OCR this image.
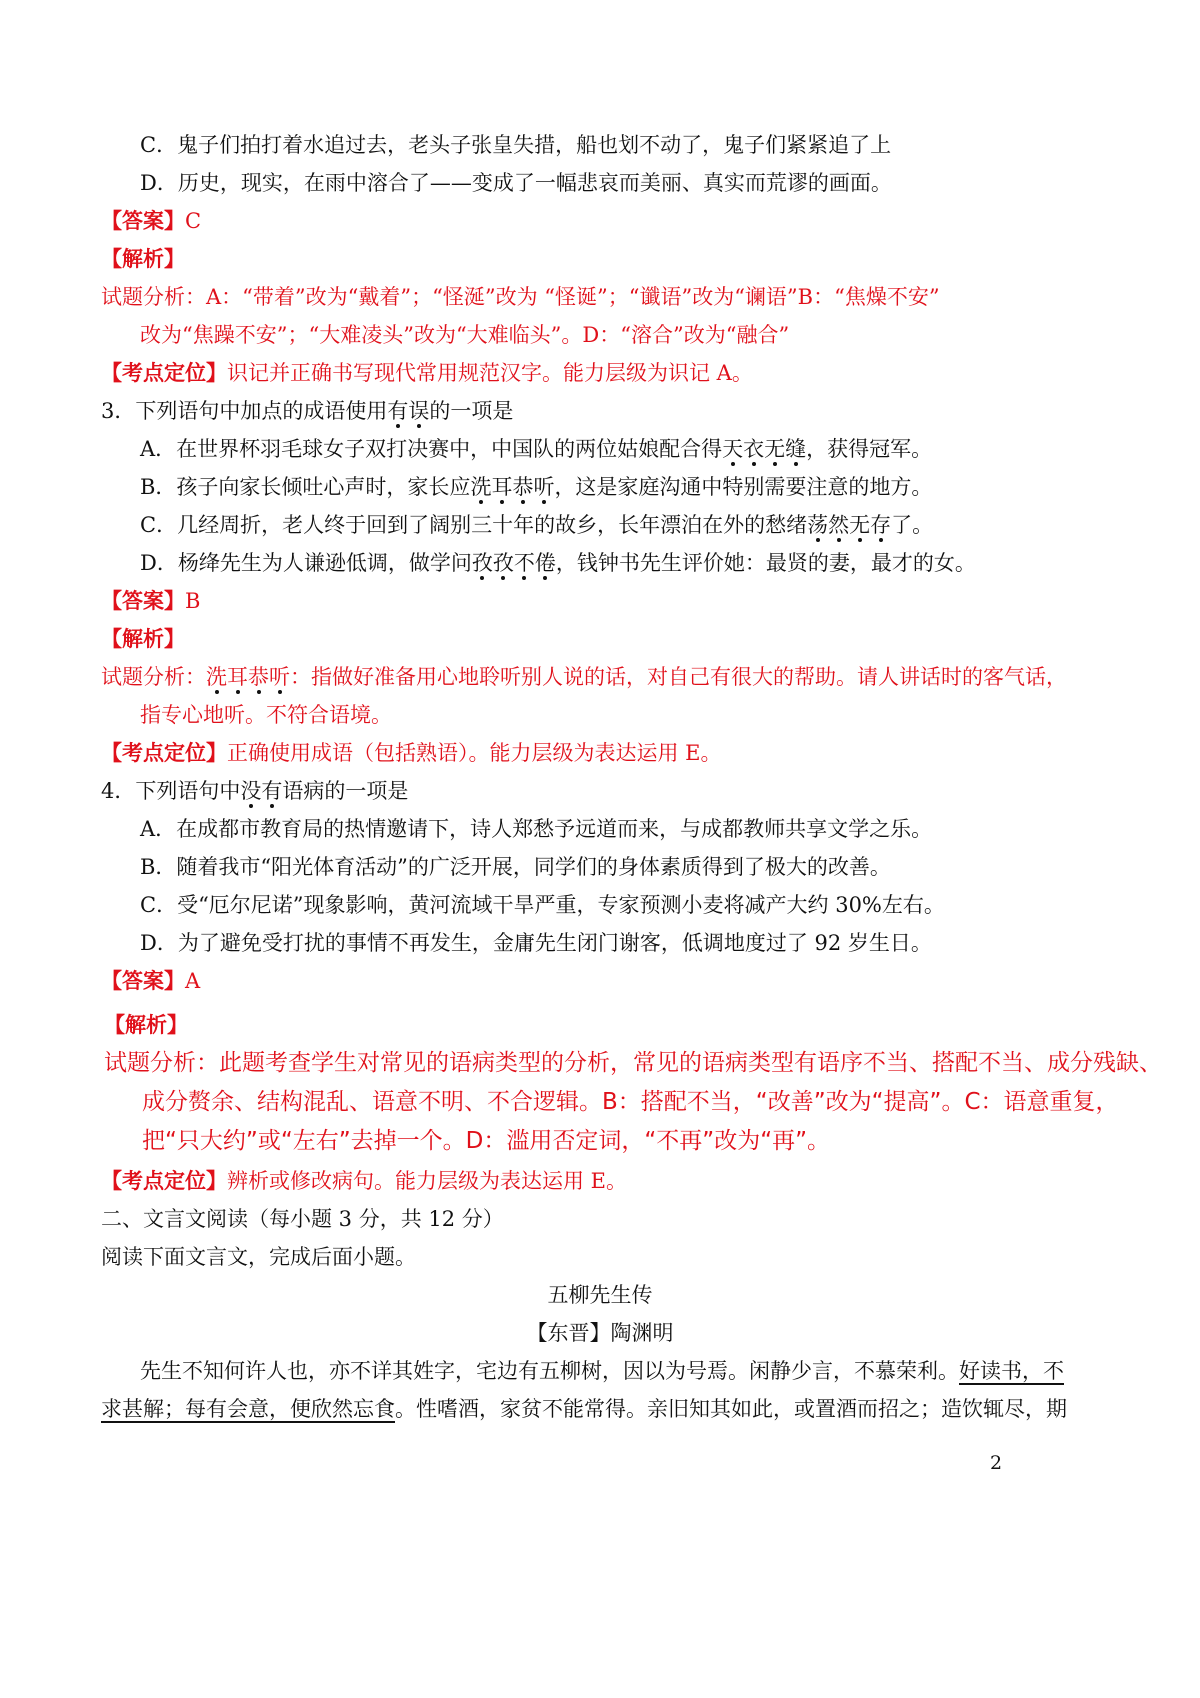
C．鬼子们拍打着水追过去，老头子张皇失措，船也划不动了，鬼子们紧紧追了上
D．历史，现实，在雨中溶合了——变成了一幅悲哀而美丽、真实而荒谬的画面。
【答案】C
【解析】
试题分析：A：“带着”改为“戴着”；“怪涎”改为 “怪诞”；“谶语”改为“谰语”B：“焦燥不安”
改为“焦躁不安”；“大难凌头”改为“大难临头”。D：“溶合”改为“融合”
【考点定位】识记并正确书写现代常用规范汉字。能力层级为识记 A。
3．下列语句中加点的成语使用有误的一项是
A．在世界杯羽毛球女子双打决赛中，中国队的两位姑娘配合得天衣无缝，获得冠军。
B．孩子向家长倾吐心声时，家长应洗耳恭听，这是家庭沟通中特别需要注意的地方。
C．几经周折，老人终于回到了阔别三十年的故乡，长年漂泊在外的愁绪荡然无存了。
D．杨绛先生为人谦逊低调，做学问孜孜不倦，钱钟书先生评价她：最贤的妻，最才的女。
【答案】B
【解析】
试题分析：洗耳恭听：指做好准备用心地聆听别人说的话，对自己有很大的帮助。请人讲话时的客气话，
指专心地听。不符合语境。
【考点定位】正确使用成语（包括熟语）。能力层级为表达运用 E。
4．下列语句中没有语病的一项是
A．在成都市教育局的热情邀请下，诗人郑愁予远道而来，与成都教师共享文学之乐。
B．随着我市“阳光体育活动”的广泛开展，同学们的身体素质得到了极大的改善。
C．受“厄尔尼诺”现象影响，黄河流域干旱严重，专家预测小麦将减产大约 30%左右。
D．为了避免受打扰的事情不再发生，金庸先生闭门谢客，低调地度过了 92 岁生日。
【答案】A
【解析】
试题分析：此题考查学生对常见的语病类型的分析，常见的语病类型有语序不当、搭配不当、成分残缺、
成分赘余、结构混乱、语意不明、不合逻辑。B：搭配不当，“改善”改为“提高”。C：语意重复，
把“只大约”或“左右”去掉一个。D：滥用否定词，“不再”改为“再”。
【考点定位】辨析或修改病句。能力层级为表达运用 E。
二、文言文阅读（每小题 3 分，共 12 分）
阅读下面文言文，完成后面小题。
五柳先生传
【东晋】陶渊明
先生不知何许人也，亦不详其姓字，宅边有五柳树，因以为号焉。闲静少言，不慕荣利。好读书，不
求甚解；每有会意，便欣然忘食。性嗜酒，家贫不能常得。亲旧知其如此，或置酒而招之；造饮辄尽，期
2
